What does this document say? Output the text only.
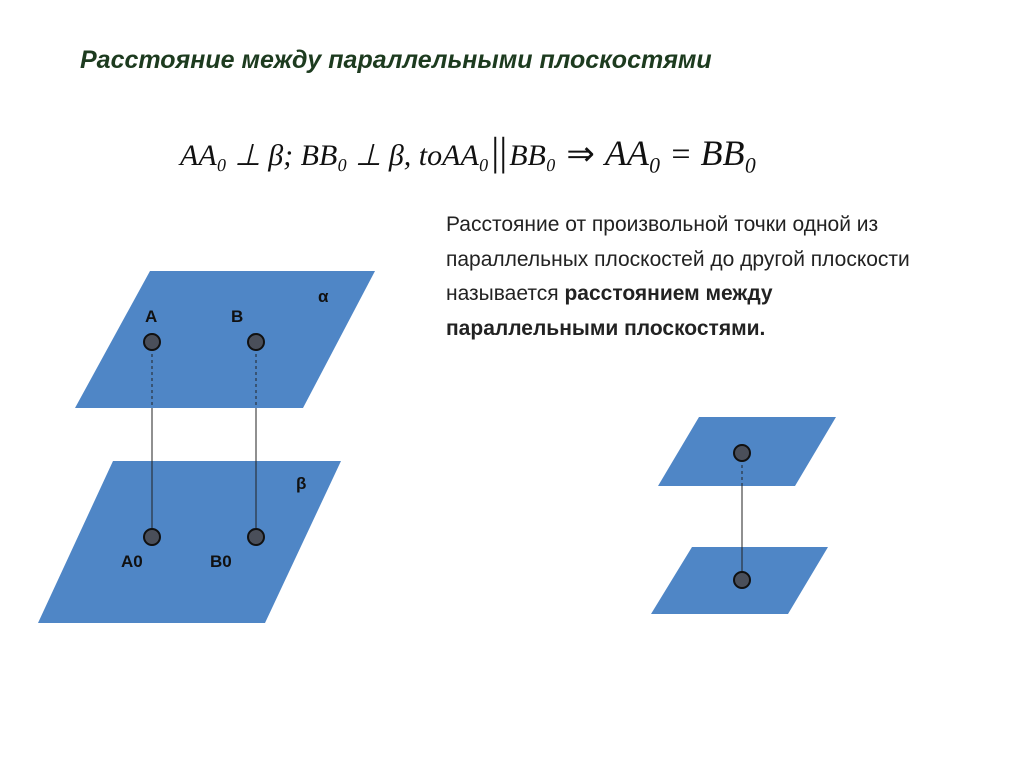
Расстояние между параллельными плоскостями
AA₀ ⊥ β; BB₀ ⊥ β, toAA₀ || BB₀ ⇒ AA₀ = BB₀
Расстояние от произвольной точки одной из параллельных плоскостей до другой плоскости называется расстоянием между параллельными плоскостями.
α
β
A	B
A0	B0
